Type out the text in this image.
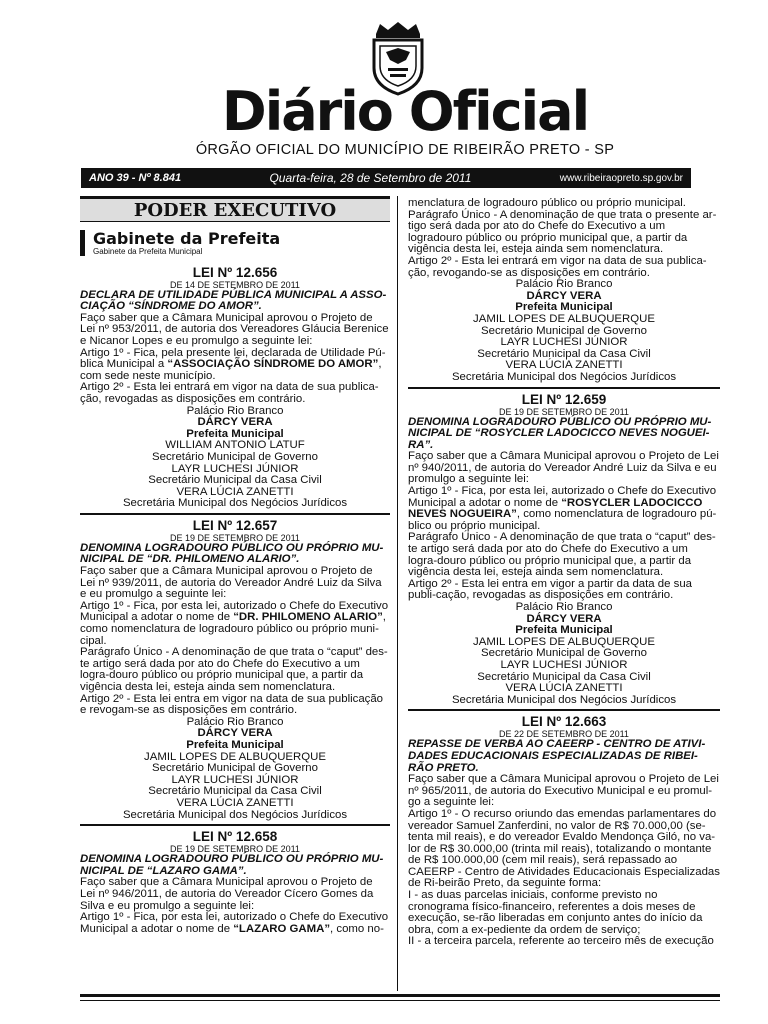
Diário Oficial
ÓRGÃO OFICIAL DO MUNICÍPIO DE RIBEIRÃO PRETO - SP
ANO 39 - Nº 8.841	Quarta-feira, 28 de Setembro de 2011	www.ribeiraopreto.sp.gov.br
PODER EXECUTIVO
Gabinete da Prefeita
Gabinete da Prefeita Municipal
LEI Nº 12.656
DE 14 DE SETEMBRO DE 2011

DECLARA DE UTILIDADE PÚBLICA MUNICIPAL A ASSO-CIAÇÃO “SÍNDROME DO AMOR”.

Faço saber que a Câmara Municipal aprovou o Projeto de Lei nº 953/2011, de autoria dos Vereadores Gláucia Berenice e Nicanor Lopes e eu promulgo a seguinte lei:

Artigo 1º - Fica, pela presente lei, declarada de Utilidade Pú-blica Municipal a “ASSOCIAÇÃO SÍNDROME DO AMOR”, com sede neste município.

Artigo 2º - Esta lei entrará em vigor na data de sua publica-ção, revogadas as disposições em contrário.

Palácio Rio Branco

DÁRCY VERA

Prefeita Municipal

WILLIAM ANTONIO LATUF

Secretário Municipal de Governo

LAYR LUCHESI JÚNIOR

Secretário Municipal da Casa Civil

VERA LÚCIA ZANETTI

Secretária Municipal dos Negócios Jurídicos

LEI Nº 12.657
DE 19 DE SETEMBRO DE 2011

DENOMINA LOGRADOURO PÚBLICO OU PRÓPRIO MU-NICIPAL DE “DR. PHILOMENO ALARIO”.

Faço saber que a Câmara Municipal aprovou o Projeto de Lei nº 939/2011, de autoria do Vereador André Luiz da Silva e eu promulgo a seguinte lei:

Artigo 1º - Fica, por esta lei, autorizado o Chefe do Executivo Municipal a adotar o nome de “DR. PHILOMENO ALARIO”, como nomenclatura de logradouro público ou próprio muni-cipal.

Parágrafo Único - A denominação de que trata o “caput” des-te artigo será dada por ato do Chefe do Executivo a um logra-douro público ou próprio municipal que, a partir da vigência desta lei, esteja ainda sem nomenclatura.

Artigo 2º - Esta lei entra em vigor na data de sua publicação e revogam-se as disposições em contrário.

Palácio Rio Branco

DÁRCY VERA

Prefeita Municipal

JAMIL LOPES DE ALBUQUERQUE

Secretário Municipal de Governo

LAYR LUCHESI JÚNIOR

Secretário Municipal da Casa Civil

VERA LÚCIA ZANETTI

Secretária Municipal dos Negócios Jurídicos

LEI Nº 12.658
DE 19 DE SETEMBRO DE 2011

DENOMINA LOGRADOURO PÚBLICO OU PRÓPRIO MU-NICIPAL DE “LAZARO GAMA”.

Faço saber que a Câmara Municipal aprovou o Projeto de Lei nº 946/2011, de autoria do Vereador Cícero Gomes da Silva e eu promulgo a seguinte lei:

Artigo 1º - Fica, por esta lei, autorizado o Chefe do Executivo Municipal a adotar o nome de “LAZARO GAMA”, como no-

menclatura de logradouro público ou próprio municipal.

Parágrafo Único - A denominação de que trata o presente ar-tigo será dada por ato do Chefe do Executivo a um logradouro público ou próprio municipal que, a partir da vigência desta lei, esteja ainda sem nomenclatura.

Artigo 2º - Esta lei entrará em vigor na data de sua publica-ção, revogando-se as disposições em contrário.

Palácio Rio Branco

DÁRCY VERA

Prefeita Municipal

JAMIL LOPES DE ALBUQUERQUE

Secretário Municipal de Governo

LAYR LUCHESI JÚNIOR

Secretário Municipal da Casa Civil

VERA LÚCIA ZANETTI

Secretária Municipal dos Negócios Jurídicos

LEI Nº 12.659
DE 19 DE SETEMBRO DE 2011

DENOMINA LOGRADOURO PÚBLICO OU PRÓPRIO MU-NICIPAL DE “ROSYCLER LADOCICCO NEVES NOGUEI-RA”.

Faço saber que a Câmara Municipal aprovou o Projeto de Lei nº 940/2011, de autoria do Vereador André Luiz da Silva e eu promulgo a seguinte lei:

Artigo 1º - Fica, por esta lei, autorizado o Chefe do Executivo Municipal a adotar o nome de “ROSYCLER LADOCICCO NEVES NOGUEIRA”, como nomenclatura de logradouro pú-blico ou próprio municipal.

Parágrafo Único - A denominação de que trata o “caput” des-te artigo será dada por ato do Chefe do Executivo a um logra-douro público ou próprio municipal que, a partir da vigência desta lei, esteja ainda sem nomenclatura.

Artigo 2º - Esta lei entra em vigor a partir da data de sua publi-cação, revogadas as disposições em contrário.

Palácio Rio Branco

DÁRCY VERA

Prefeita Municipal

JAMIL LOPES DE ALBUQUERQUE

Secretário Municipal de Governo

LAYR LUCHESI JÚNIOR

Secretário Municipal da Casa Civil

VERA LÚCIA ZANETTI

Secretária Municipal dos Negócios Jurídicos

LEI Nº 12.663
DE 22 DE SETEMBRO DE 2011

REPASSE DE VERBA AO CAEERP - CENTRO DE ATIVI-DADES EDUCACIONAIS ESPECIALIZADAS DE RIBEI-RÃO PRETO.

Faço saber que a Câmara Municipal aprovou o Projeto de Lei nº 965/2011, de autoria do Executivo Municipal e eu promul-go a seguinte lei:

Artigo 1º - O recurso oriundo das emendas parlamentares do vereador Samuel Zanferdini, no valor de R$ 70.000,00 (se-tenta mil reais), e do vereador Evaldo Mendonça Giló, no va-lor de R$ 30.000,00 (trinta mil reais), totalizando o montante de R$ 100.000,00 (cem mil reais), será repassado ao CAEERP - Centro de Atividades Educacionais Especializadas de Ri-beirão Preto, da seguinte forma:

I - as duas parcelas iniciais, conforme previsto no cronograma físico-financeiro, referentes a dois meses de execução, se-rão liberadas em conjunto antes do início da obra, com a ex-pediente da ordem de serviço;

II - a terceira parcela, referente ao terceiro mês de execução
